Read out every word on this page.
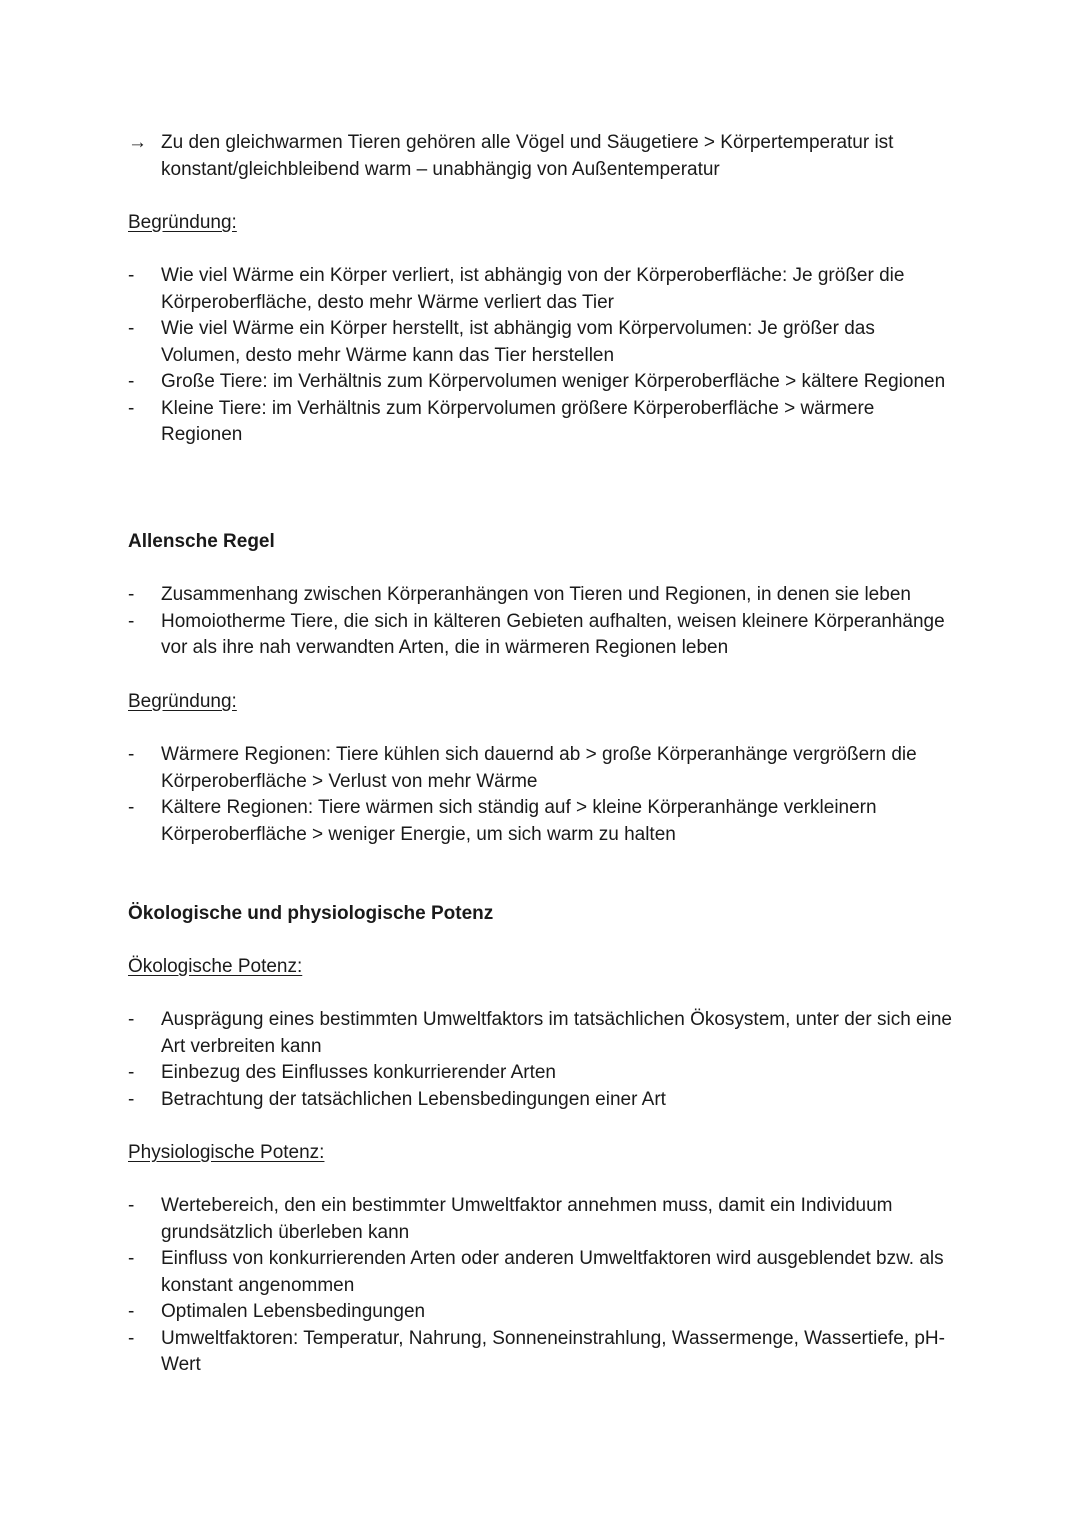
→ Zu den gleichwarmen Tieren gehören alle Vögel und Säugetiere > Körpertemperatur ist konstant/gleichbleibend warm – unabhängig von Außentemperatur
Begründung:
- Wie viel Wärme ein Körper verliert, ist abhängig von der Körperoberfläche: Je größer die Körperoberfläche, desto mehr Wärme verliert das Tier
- Wie viel Wärme ein Körper herstellt, ist abhängig vom Körpervolumen: Je größer das Volumen, desto mehr Wärme kann das Tier herstellen
- Große Tiere: im Verhältnis zum Körpervolumen weniger Körperoberfläche > kältere Regionen
- Kleine Tiere: im Verhältnis zum Körpervolumen größere Körperoberfläche > wärmere Regionen
Allensche Regel
- Zusammenhang zwischen Körperanhängen von Tieren und Regionen, in denen sie leben
- Homoiotherme Tiere, die sich in kälteren Gebieten aufhalten, weisen kleinere Körperanhänge vor als ihre nah verwandten Arten, die in wärmeren Regionen leben
Begründung:
- Wärmere Regionen: Tiere kühlen sich dauernd ab > große Körperanhänge vergrößern die Körperoberfläche > Verlust von mehr Wärme
- Kältere Regionen: Tiere wärmen sich ständig auf > kleine Körperanhänge verkleinern Körperoberfläche > weniger Energie, um sich warm zu halten
Ökologische und physiologische Potenz
Ökologische Potenz:
- Ausprägung eines bestimmten Umweltfaktors im tatsächlichen Ökosystem, unter der sich eine Art verbreiten kann
- Einbezug des Einflusses konkurrierender Arten
- Betrachtung der tatsächlichen Lebensbedingungen einer Art
Physiologische Potenz:
- Wertebereich, den ein bestimmter Umweltfaktor annehmen muss, damit ein Individuum grundsätzlich überleben kann
- Einfluss von konkurrierenden Arten oder anderen Umweltfaktoren wird ausgeblendet bzw. als konstant angenommen
- Optimalen Lebensbedingungen
- Umweltfaktoren: Temperatur, Nahrung, Sonneneinstrahlung, Wassermenge, Wassertiefe, pH-Wert
